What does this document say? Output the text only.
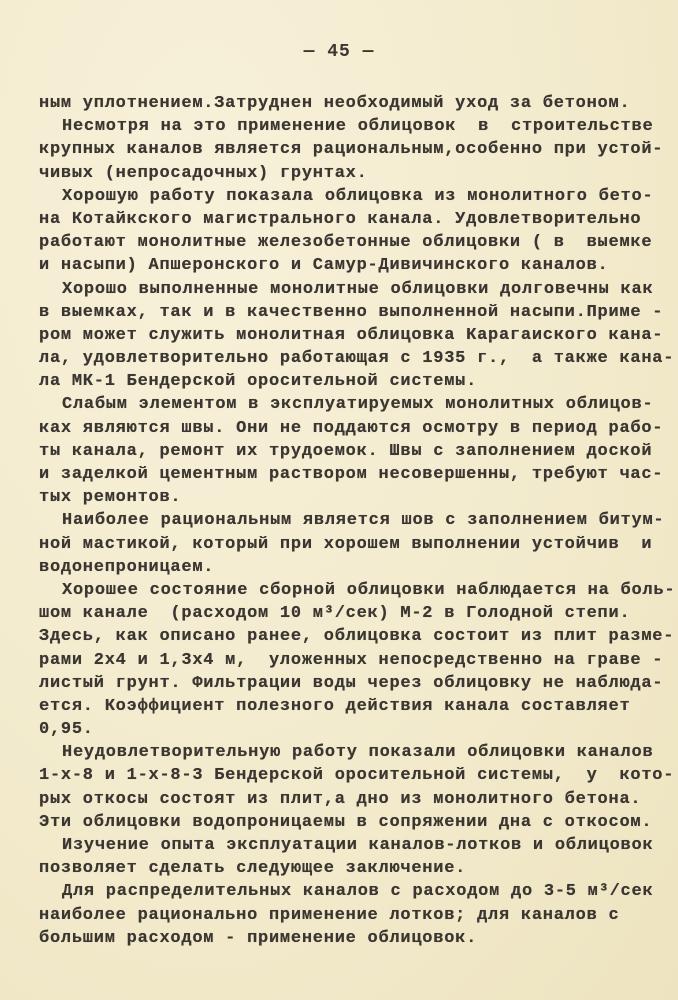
— 45 —
ным уплотнением.Затруднен необходимый уход за бетоном.
Несмотря на это применение облицовок  в  строительстве
крупных каналов является рациональным,особенно при устой-
чивых (непросадочных) грунтах.
Хорошую работу показала облицовка из монолитного бето-
на Котайкского магистрального канала. Удовлетворительно
работают монолитные железобетонные облицовки ( в  выемке
и насыпи) Апшеронского и Самур-Дивичинского каналов.
Хорошо выполненные монолитные облицовки долговечны как
в выемках, так и в качественно выполненной насыпи.Приме -
ром может служить монолитная облицовка Карагаиского кана-
ла, удовлетворительно работающая с 1935 г.,  а также кана-
ла МК-1 Бендерской оросительной системы.
Слабым элементом в эксплуатируемых монолитных облицов-
ках являются швы. Они не поддаются осмотру в период рабо-
ты канала, ремонт их трудоемок. Швы с заполнением доской
и заделкой цементным раствором несовершенны, требуют час-
тых ремонтов.
Наиболее рациональным является шов с заполнением битум-
ной мастикой, который при хорошем выполнении устойчив  и
водонепроницаем.
Хорошее состояние сборной облицовки наблюдается на боль-
шом канале  (расходом 10 м³/сек) М-2 в Голодной степи.
Здесь, как описано ранее, облицовка состоит из плит разме-
рами 2х4 и 1,3х4 м,  уложенных непосредственно на граве -
листый грунт. Фильтрации воды через облицовку не наблюда-
ется. Коэффициент полезного действия канала составляет
0,95.
Неудовлетворительную работу показали облицовки каналов
1-х-8 и 1-х-8-3 Бендерской оросительной системы,  у  кото-
рых откосы состоят из плит,а дно из монолитного бетона.
Эти облицовки водопроницаемы в сопряжении дна с откосом.
Изучение опыта эксплуатации каналов-лотков и облицовок
позволяет сделать следующее заключение.
Для распределительных каналов с расходом до 3-5 м³/сек
наиболее рационально применение лотков; для каналов с
большим расходом - применение облицовок.
